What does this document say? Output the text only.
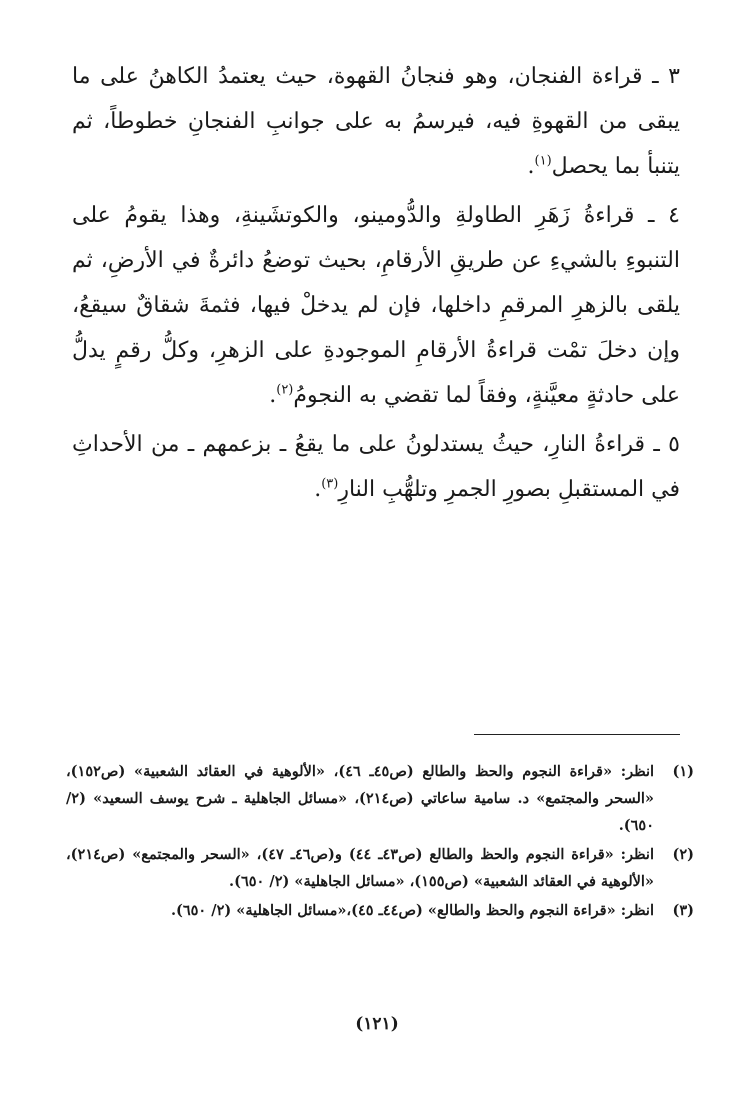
٣ ـ قراءة الفنجان، وهو فنجانُ القهوة، حيث يعتمدُ الكاهنُ على ما يبقى من القهوةِ فيه، فيرسمُ به على جوانبِ الفنجانِ خطوطاً، ثم يتنبأ بما يحصل$^{(١)}$.

٤ ـ قراءةُ زَهَرِ الطاولةِ والدُّومينو، والكوتشَينةِ، وهذا يقومُ على التنبوءِ بالشيءِ عن طريقِ الأرقامِ، بحيث توضعُ دائرةٌ في الأرضِ، ثم يلقى بالزهرِ المرقمِ داخلها، فإن لم يدخلْ فيها، فثمةَ شقاقٌ سيقعُ، وإن دخلَ تمْت قراءةُ الأرقامِ الموجودةِ على الزهرِ، وكلُّ رقمٍ يدلُّ على حادثةٍ معيَّنةٍ، وفقاً لما تقضي به النجومُ$^{(٢)}$.

٥ ـ قراءةُ النارِ، حيثُ يستدلونُ على ما يقعُ ـ بزعمهم ـ من الأحداثِ في المستقبلِ بصورِ الجمرِ وتلهُّبِ النارِ$^{(٣)}$.

(١)
انظر: «قراءة النجوم والحظ والطالع (ص٤٥ـ ٤٦)، «الألوهية في العقائد الشعبية» (ص١٥٢)، «السحر والمجتمع» د. سامية ساعاتي (ص٢١٤)، «مسائل الجاهلية ـ شرح يوسف السعيد» (٢/ ٦٥٠).
(٢)
انظر: «قراءة النجوم والحظ والطالع (ص٤٣ـ ٤٤) و(ص٤٦ـ ٤٧)، «السحر والمجتمع» (ص٢١٤)، «الألوهية في العقائد الشعبية» (ص١٥٥)، «مسائل الجاهلية» (٢/ ٦٥٠).
(٣)
انظر: «قراءة النجوم والحظ والطالع» (ص٤٤ـ ٤٥)،«مسائل الجاهلية» (٢/ ٦٥٠).
(١٢١)
